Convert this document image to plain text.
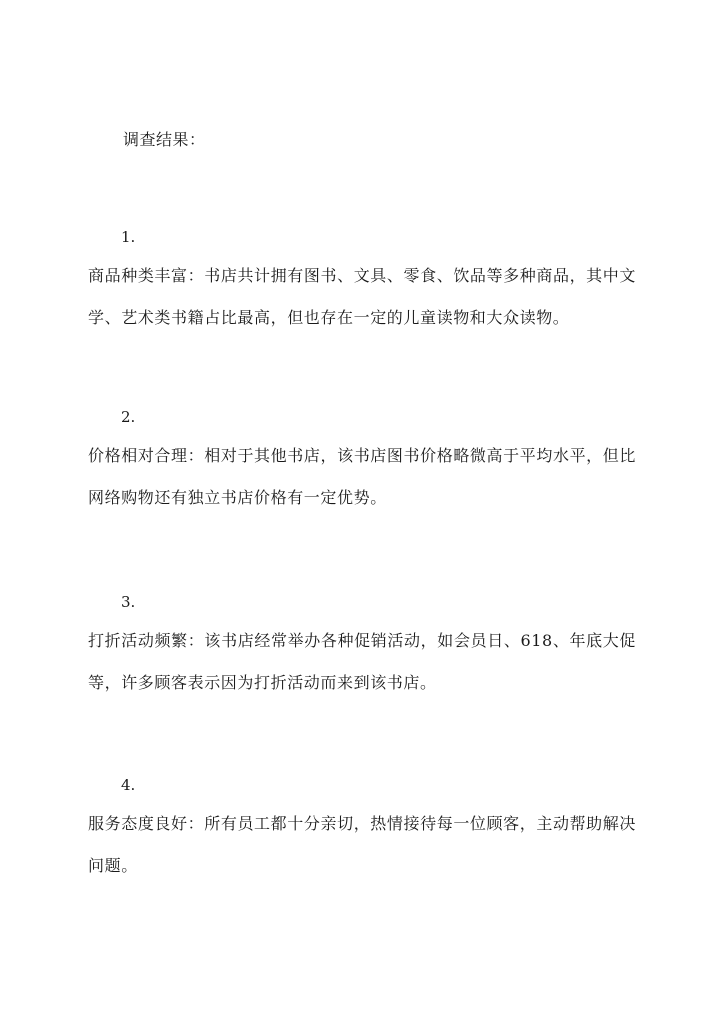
调查结果：
1.
商品种类丰富：书店共计拥有图书、文具、零食、饮品等多种商品，其中文学、艺术类书籍占比最高，但也存在一定的儿童读物和大众读物。
2.
价格相对合理：相对于其他书店，该书店图书价格略微高于平均水平，但比网络购物还有独立书店价格有一定优势。
3.
打折活动频繁：该书店经常举办各种促销活动，如会员日、618、年底大促等，许多顾客表示因为打折活动而来到该书店。
4.
服务态度良好：所有员工都十分亲切，热情接待每一位顾客，主动帮助解决问题。
